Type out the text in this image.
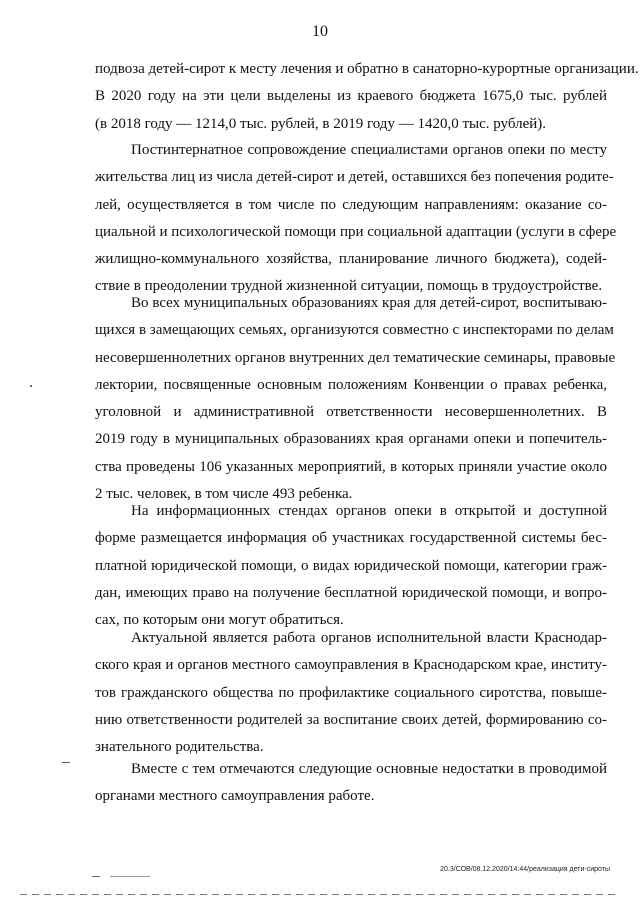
10
подвоза детей-сирот к месту лечения и обратно в санаторно-курортные организации.
В 2020 году на эти цели выделены из краевого бюджета 1675,0 тыс. рублей
(в 2018 году — 1214,0 тыс. рублей, в 2019 году — 1420,0 тыс. рублей).
Постинтернатное сопровождение специалистами органов опеки по месту
жительства лиц из числа детей-сирот и детей, оставшихся без попечения родите-
лей, осуществляется в том числе по следующим направлениям: оказание со-
циальной и психологической помощи при социальной адаптации (услуги в сфере
жилищно-коммунального хозяйства, планирование личного бюджета), содей-
ствие в преодолении трудной жизненной ситуации, помощь в трудоустройстве.
Во всех муниципальных образованиях края для детей-сирот, воспитываю-
щихся в замещающих семьях, организуются совместно с инспекторами по делам
несовершеннолетних органов внутренних дел тематические семинары, правовые
лектории, посвященные основным положениям Конвенции о правах ребенка,
уголовной и административной ответственности несовершеннолетних. В
2019 году в муниципальных образованиях края органами опеки и попечитель-
ства проведены 106 указанных мероприятий, в которых приняли участие около
2 тыс. человек, в том числе 493 ребенка.
На информационных стендах органов опеки в открытой и доступной
форме размещается информация об участниках государственной системы бес-
платной юридической помощи, о видах юридической помощи, категории граж-
дан, имеющих право на получение бесплатной юридической помощи, и вопро-
сах, по которым они могут обратиться.
Актуальной является работа органов исполнительной власти Краснодар-
ского края и органов местного самоуправления в Краснодарском крае, институ-
тов гражданского общества по профилактике социального сиротства, повыше-
нию ответственности родителей за воспитание своих детей, формированию со-
знательного родительства.
Вместе с тем отмечаются следующие основные недостатки в проводимой
органами местного самоуправления работе.
20.3/СОВ/08.12.2020/14:44/реализация дети-сироты
